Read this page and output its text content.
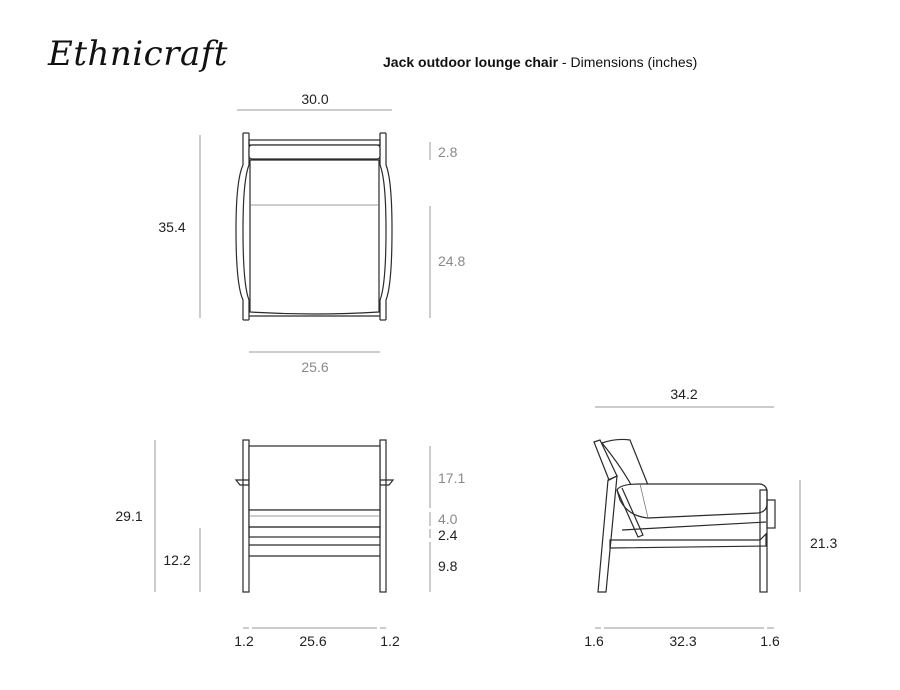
Ethnicraft	Jack outdoor lounge chair - Dimensions (inches)
30.0
35.4
2.8
24.8
25.6
29.1
12.2
17.1
4.0
2.4
9.8
1.2	25.6	1.2
34.2
21.3
1.6	32.3	1.6
